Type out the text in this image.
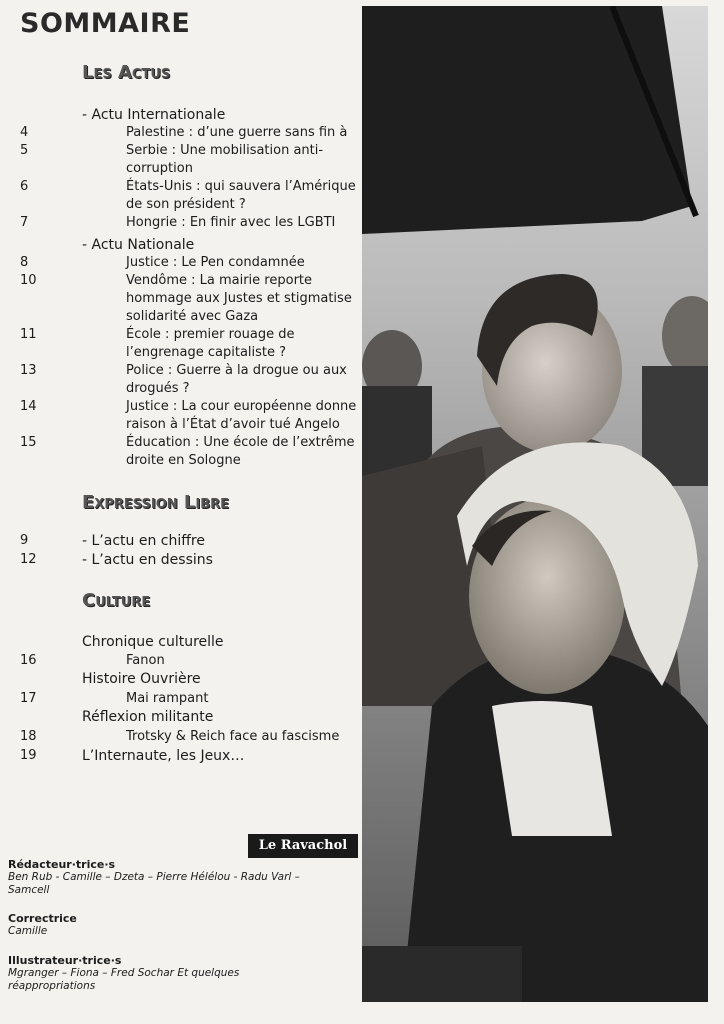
SOMMAIRE
Les Actus
- Actu Internationale
4	Palestine : d’une guerre sans fin à
5	Serbie : Une mobilisation anti-
corruption
6	États-Unis : qui sauvera l’Amérique
de son président ?
7	Hongrie : En finir avec les LGBTI
- Actu Nationale
8	Justice : Le Pen condamnée
10	Vendôme : La mairie reporte
hommage aux Justes et stigmatise
solidarité avec Gaza
11	École : premier rouage de
l’engrenage capitaliste ?
13	Police : Guerre à la drogue ou aux
drogués ?
14	Justice : La cour européenne donne
raison à l’État d’avoir tué Angelo
15	Éducation : Une école de l’extrême
droite en Sologne
Expression Libre
9	- L’actu en chiffre
12	- L’actu en dessins
Culture
Chronique culturelle
16	Fanon
Histoire Ouvrière
17	Mai rampant
Réflexion militante
18	Trotsky & Reich face au fascisme
19	L’Internaute, les Jeux…
Le Ravachol
Rédacteur·trice·s
Ben Rub - Camille – Dzeta – Pierre Hélélou - Radu Varl – Samcell
Correctrice
Camille
Illustrateur·trice·s
Mgranger – Fiona – Fred Sochar Et quelques réappropriations
